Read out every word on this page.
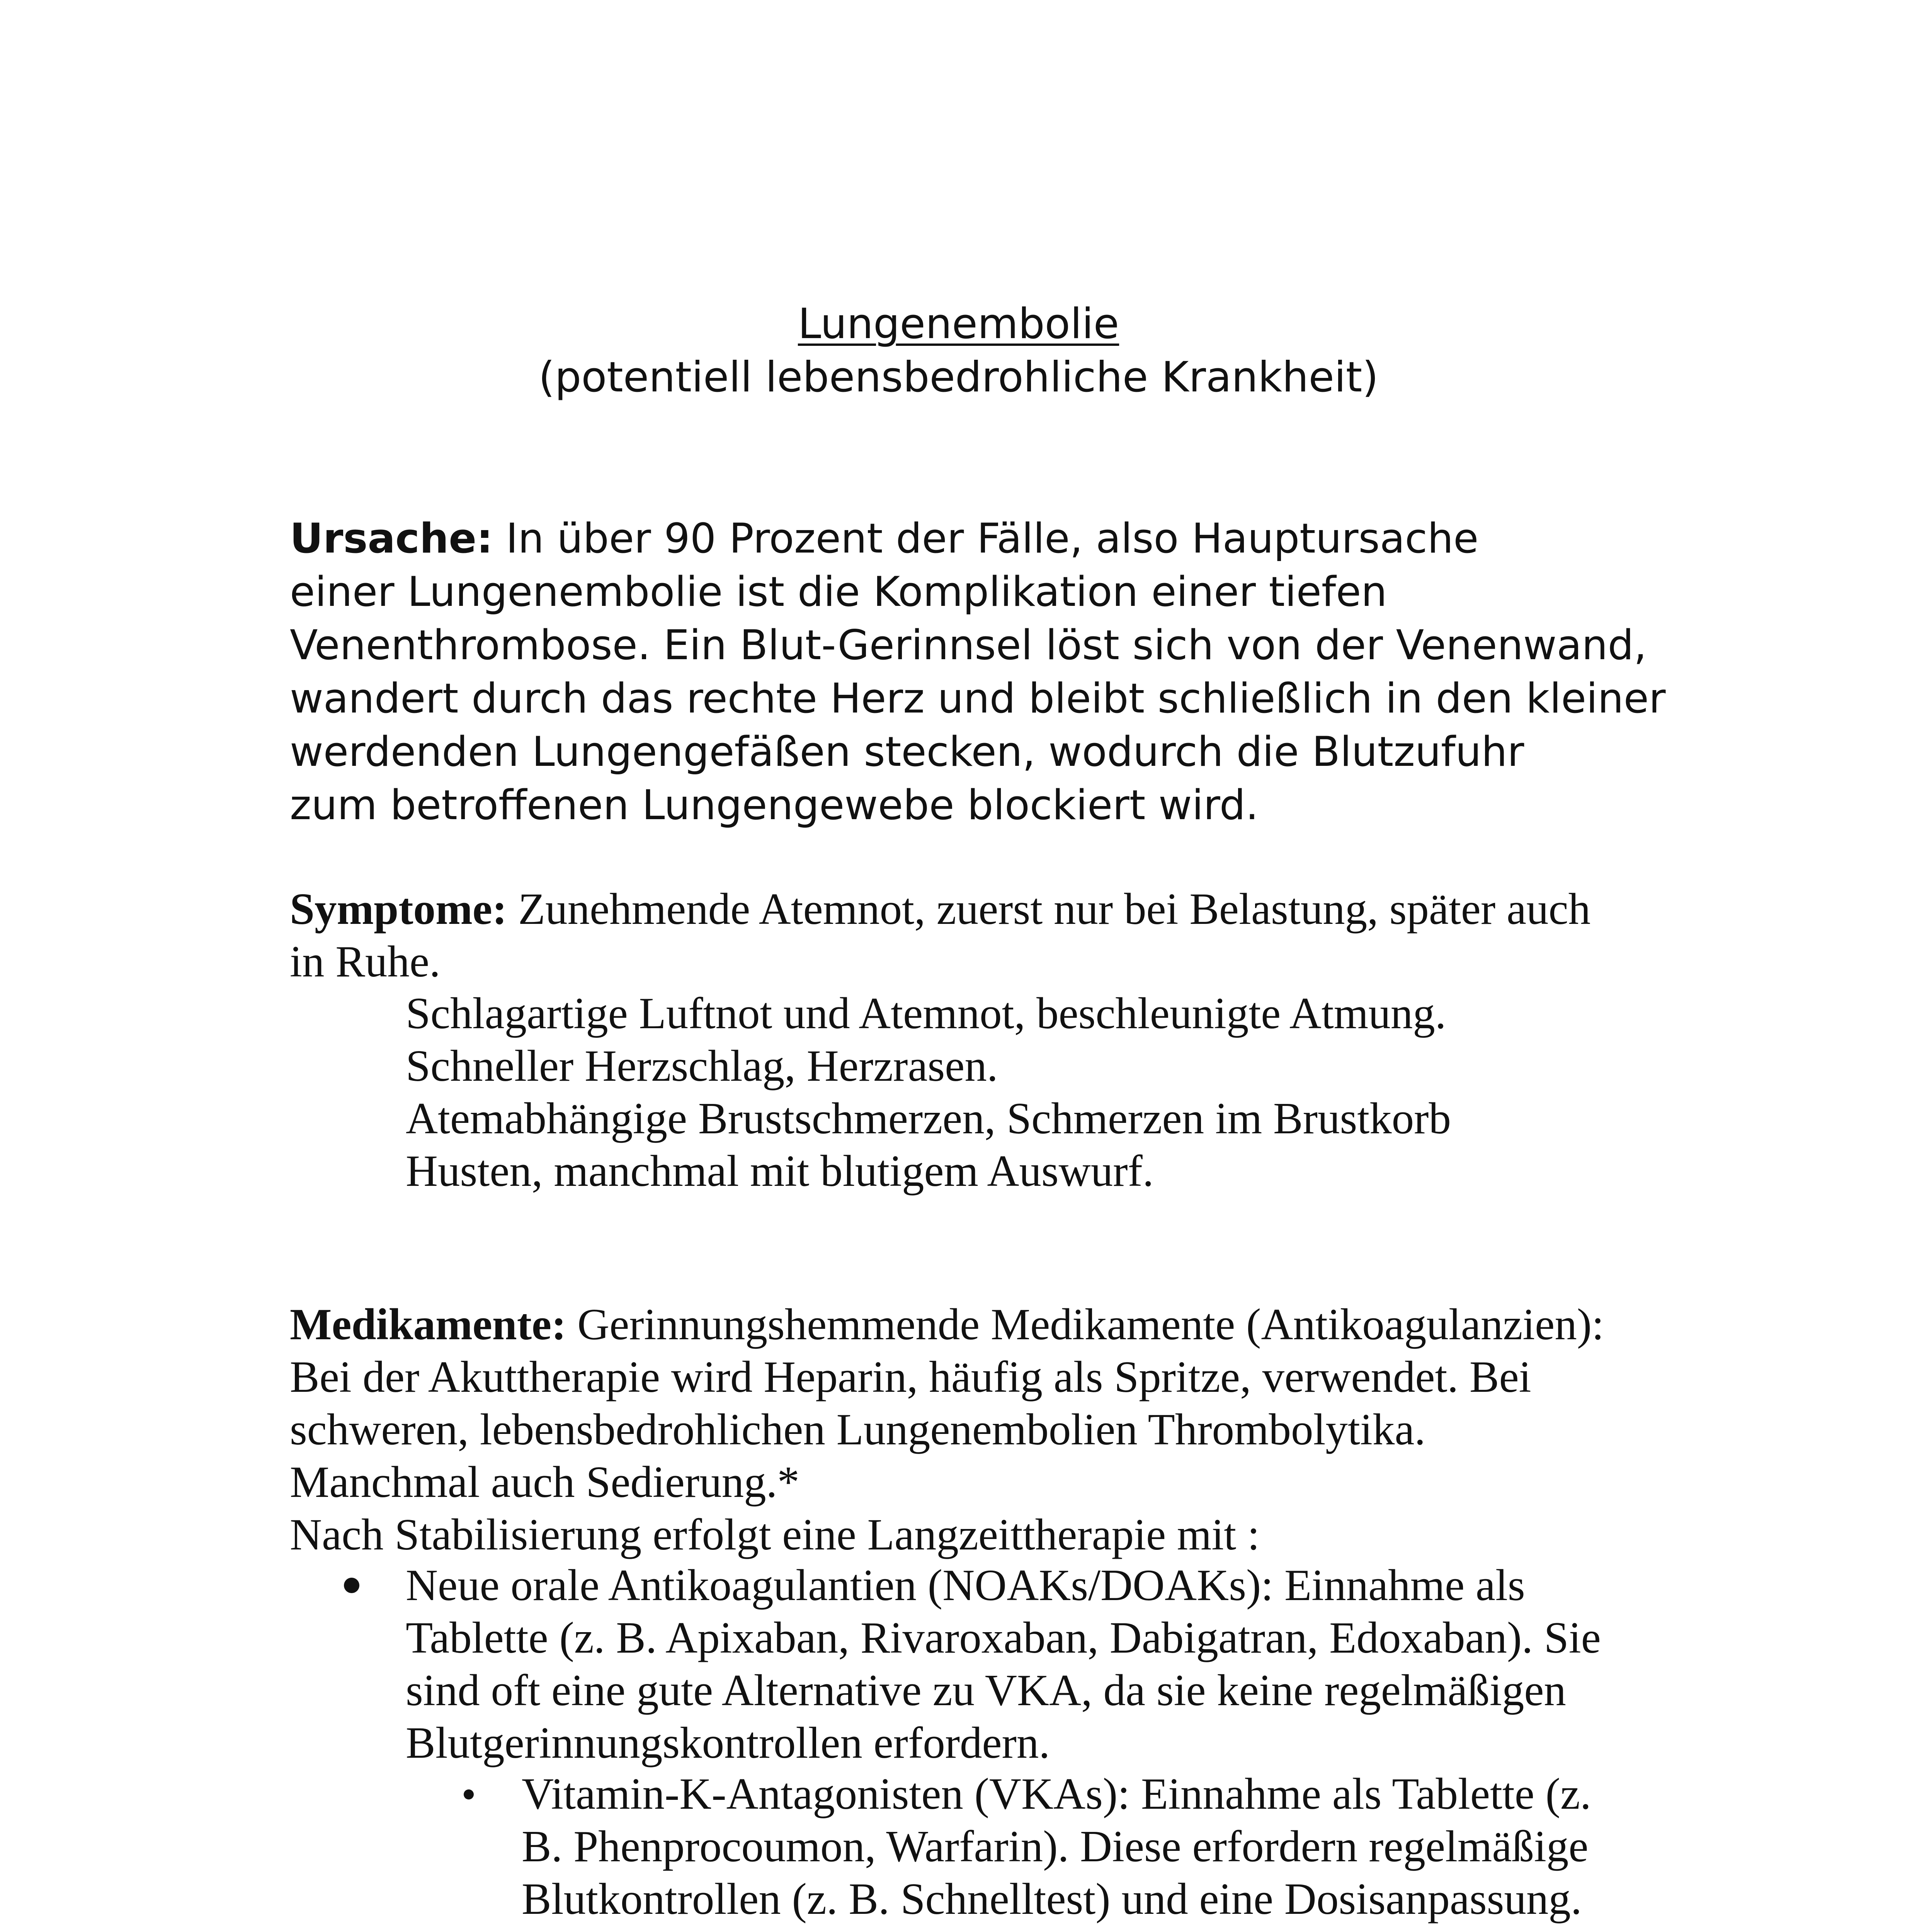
Lungenembolie
(potentiell lebensbedrohliche Krankheit)
Ursache: In über 90 Prozent der Fälle, also Hauptursache
einer Lungenembolie ist die Komplikation einer tiefen
Venenthrombose. Ein Blut-Gerinnsel löst sich von der Venenwand,
wandert durch das rechte Herz und bleibt schließlich in den kleiner
werdenden Lungengefäßen stecken, wodurch die Blutzufuhr
zum betroffenen Lungengewebe blockiert wird.
Symptome: Zunehmende Atemnot, zuerst nur bei Belastung, später auch
in Ruhe.
Schlagartige Luftnot und Atemnot, beschleunigte Atmung.
Schneller Herzschlag, Herzrasen.
Atemabhängige Brustschmerzen, Schmerzen im Brustkorb
Husten, manchmal mit blutigem Auswurf.
Medikamente: Gerinnungshemmende Medikamente (Antikoagulanzien):
Bei der Akuttherapie wird Heparin, häufig als Spritze, verwendet. Bei
schweren, lebensbedrohlichen Lungenembolien Thrombolytika.
Manchmal auch Sedierung.*
Nach Stabilisierung erfolgt eine Langzeittherapie mit :
Neue orale Antikoagulantien (NOAKs/DOAKs): Einnahme als
Tablette (z. B. Apixaban, Rivaroxaban, Dabigatran, Edoxaban). Sie
sind oft eine gute Alternative zu VKA, da sie keine regelmäßigen
Blutgerinnungskontrollen erfordern.
Vitamin-K-Antagonisten (VKAs): Einnahme als Tablette (z.
B. Phenprocoumon, Warfarin). Diese erfordern regelmäßige
Blutkontrollen (z. B. Schnelltest) und eine Dosisanpassung.
